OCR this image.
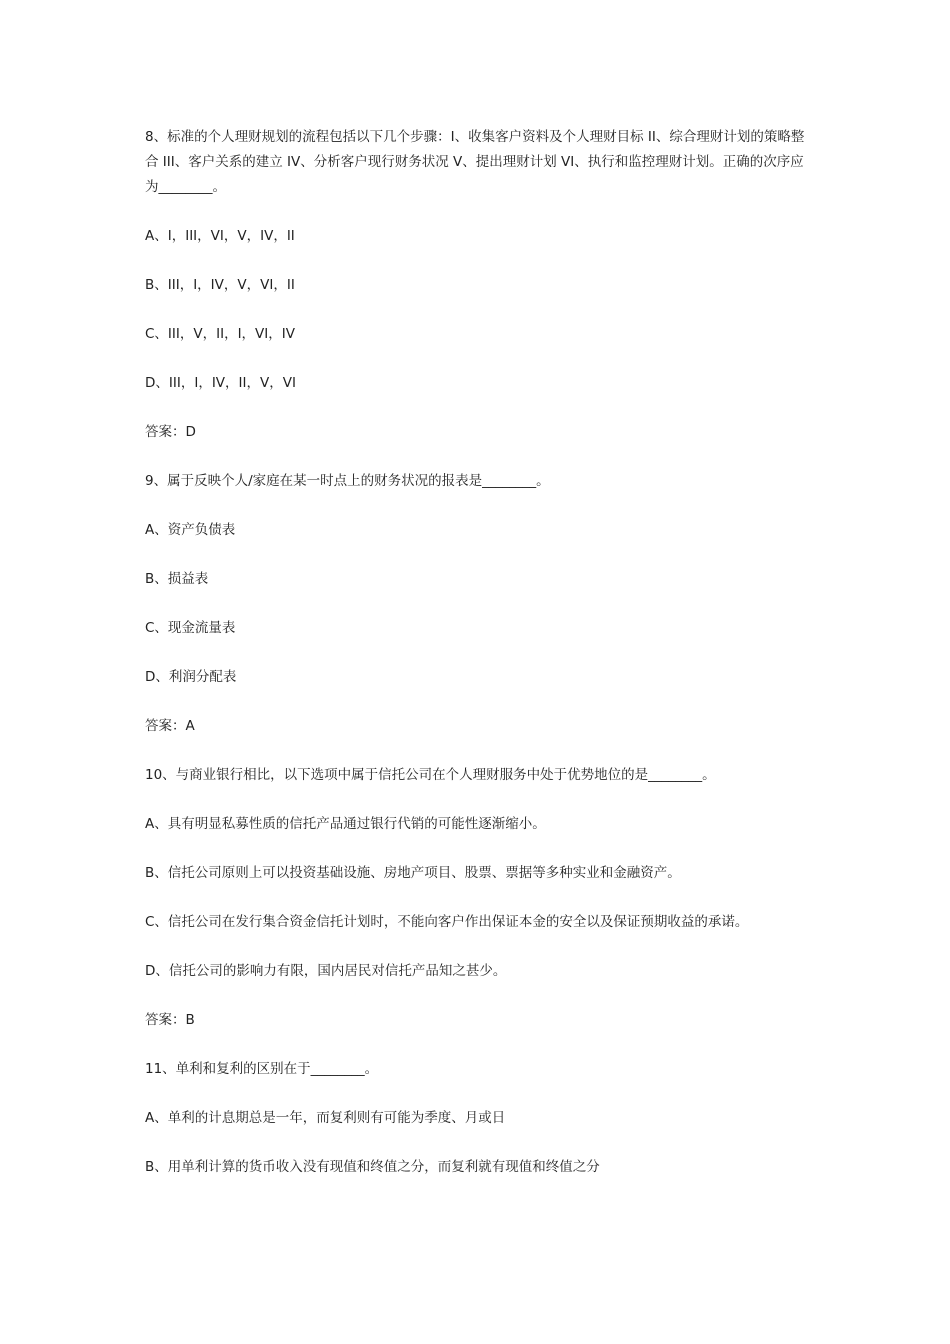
8、标准的个人理财规划的流程包括以下几个步骤：I、收集客户资料及个人理财目标 II、综合理财计划的策略整合 III、客户关系的建立 IV、分析客户现行财务状况 V、提出理财计划 VI、执行和监控理财计划。正确的次序应为________。

A、I，III，VI，V，IV，II

B、III，I，IV，V，VI，II

C、III，V，II，I，VI，IV

D、III，I，IV，II，V，VI

答案：D

9、属于反映个人/家庭在某一时点上的财务状况的报表是________。

A、资产负债表

B、损益表

C、现金流量表

D、利润分配表

答案：A

10、与商业银行相比，以下选项中属于信托公司在个人理财服务中处于优势地位的是________。

A、具有明显私募性质的信托产品通过银行代销的可能性逐渐缩小。

B、信托公司原则上可以投资基础设施、房地产项目、股票、票据等多种实业和金融资产。

C、信托公司在发行集合资金信托计划时，不能向客户作出保证本金的安全以及保证预期收益的承诺。

D、信托公司的影响力有限，国内居民对信托产品知之甚少。

答案：B

11、单利和复利的区别在于________。

A、单利的计息期总是一年，而复利则有可能为季度、月或日

B、用单利计算的货币收入没有现值和终值之分，而复利就有现值和终值之分
